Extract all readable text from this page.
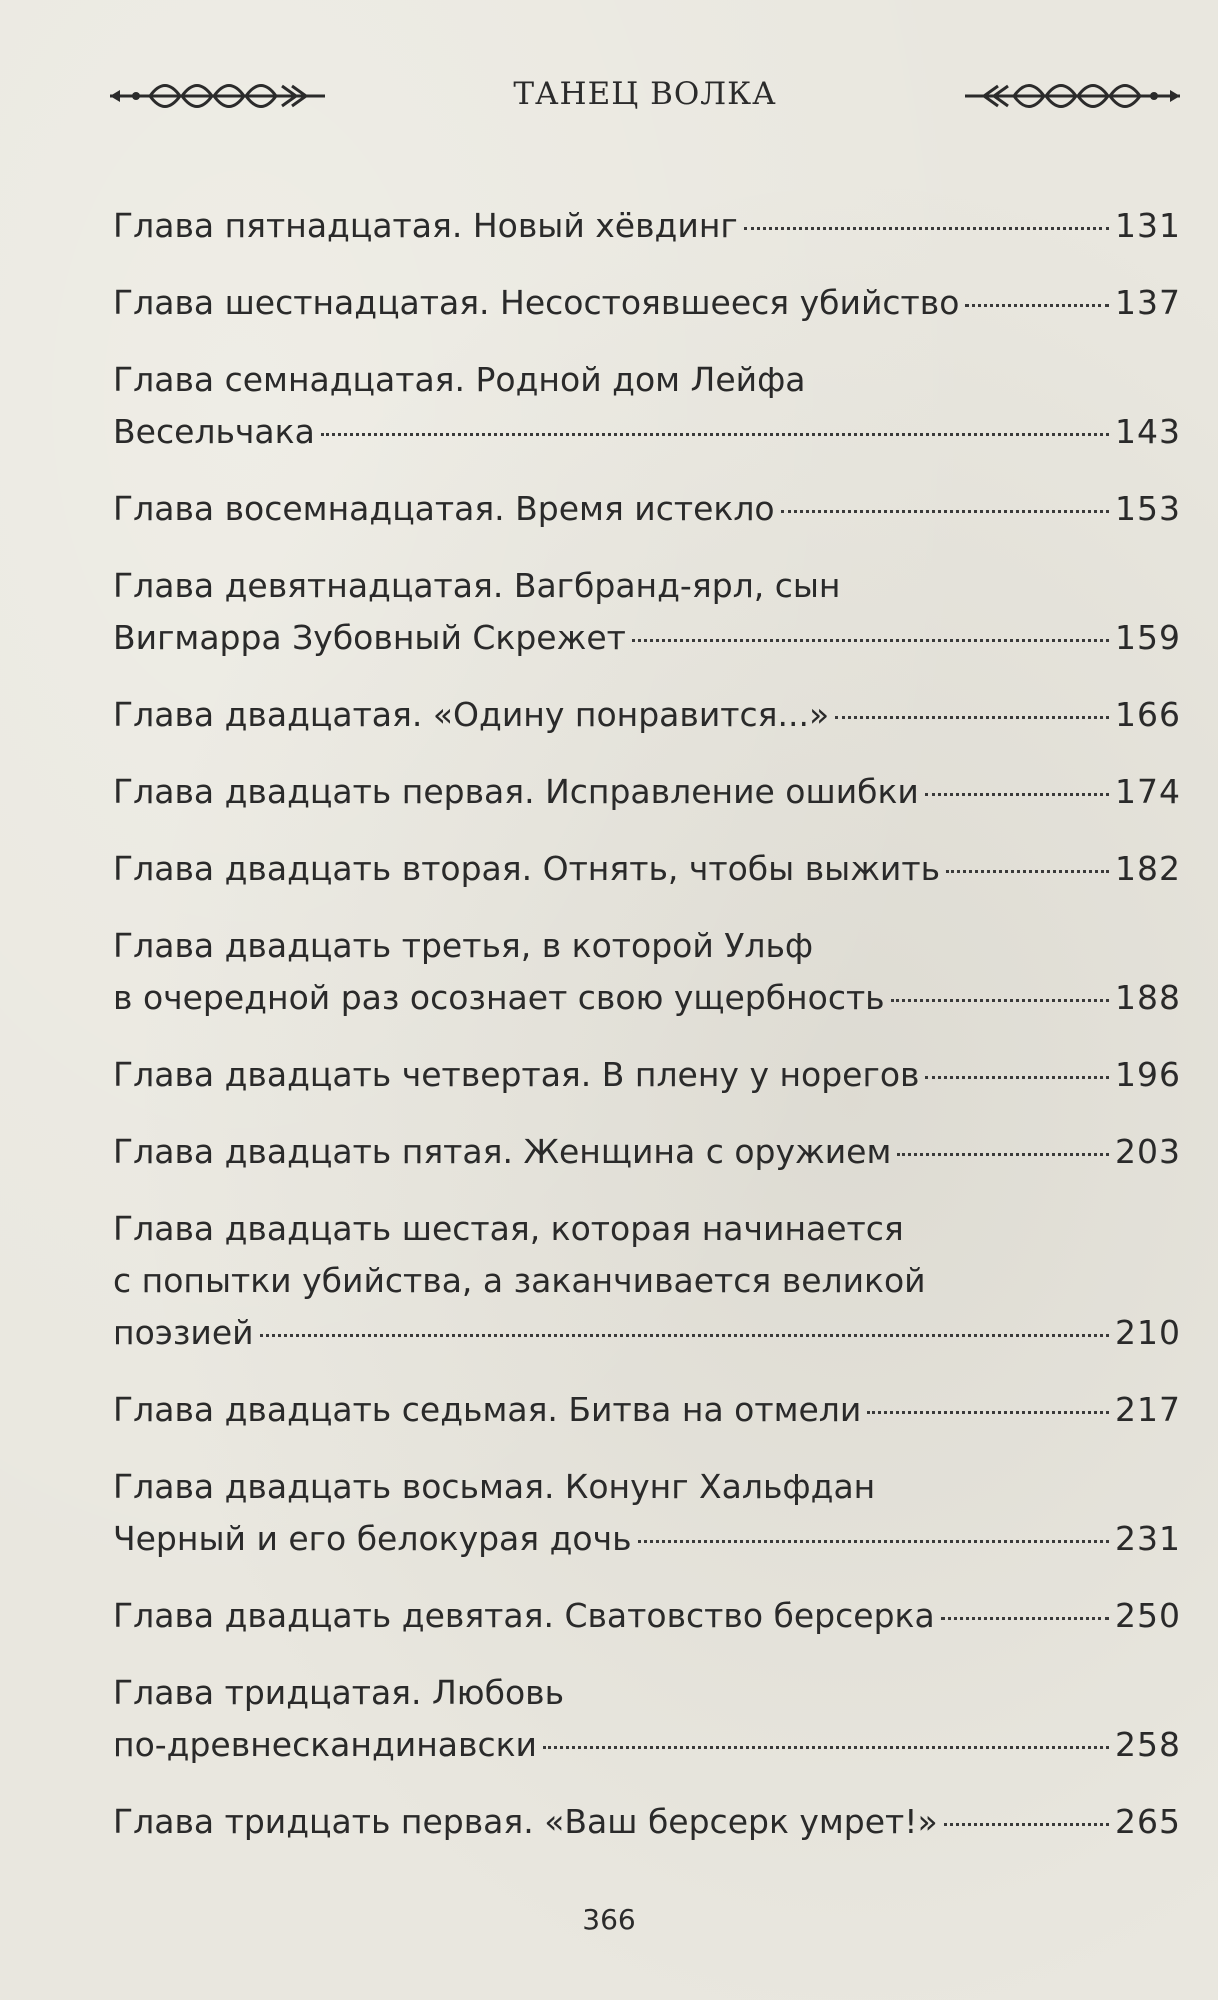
ТАНЕЦ ВОЛКА
Глава пятнадцатая. Новый хёвдинг	131
Глава шестнадцатая. Несостоявшееся убийство	137
Глава семнадцатая. Родной дом Лейфа
Весельчака	143
Глава восемнадцатая. Время истекло	153
Глава девятнадцатая. Вагбранд-ярл, сын
Вигмарра Зубовный Скрежет	159
Глава двадцатая. «Одину понравится...»	166
Глава двадцать первая. Исправление ошибки	174
Глава двадцать вторая. Отнять, чтобы выжить	182
Глава двадцать третья, в которой Ульф
в очередной раз осознает свою ущербность	188
Глава двадцать четвертая. В плену у норегов	196
Глава двадцать пятая. Женщина с оружием	203
Глава двадцать шестая, которая начинается
с попытки убийства, а заканчивается великой
поэзией	210
Глава двадцать седьмая. Битва на отмели	217
Глава двадцать восьмая. Конунг Хальфдан
Черный и его белокурая дочь	231
Глава двадцать девятая. Сватовство берсерка	250
Глава тридцатая. Любовь
по-древнескандинавски	258
Глава тридцать первая. «Ваш берсерк умрет!»	265
366
